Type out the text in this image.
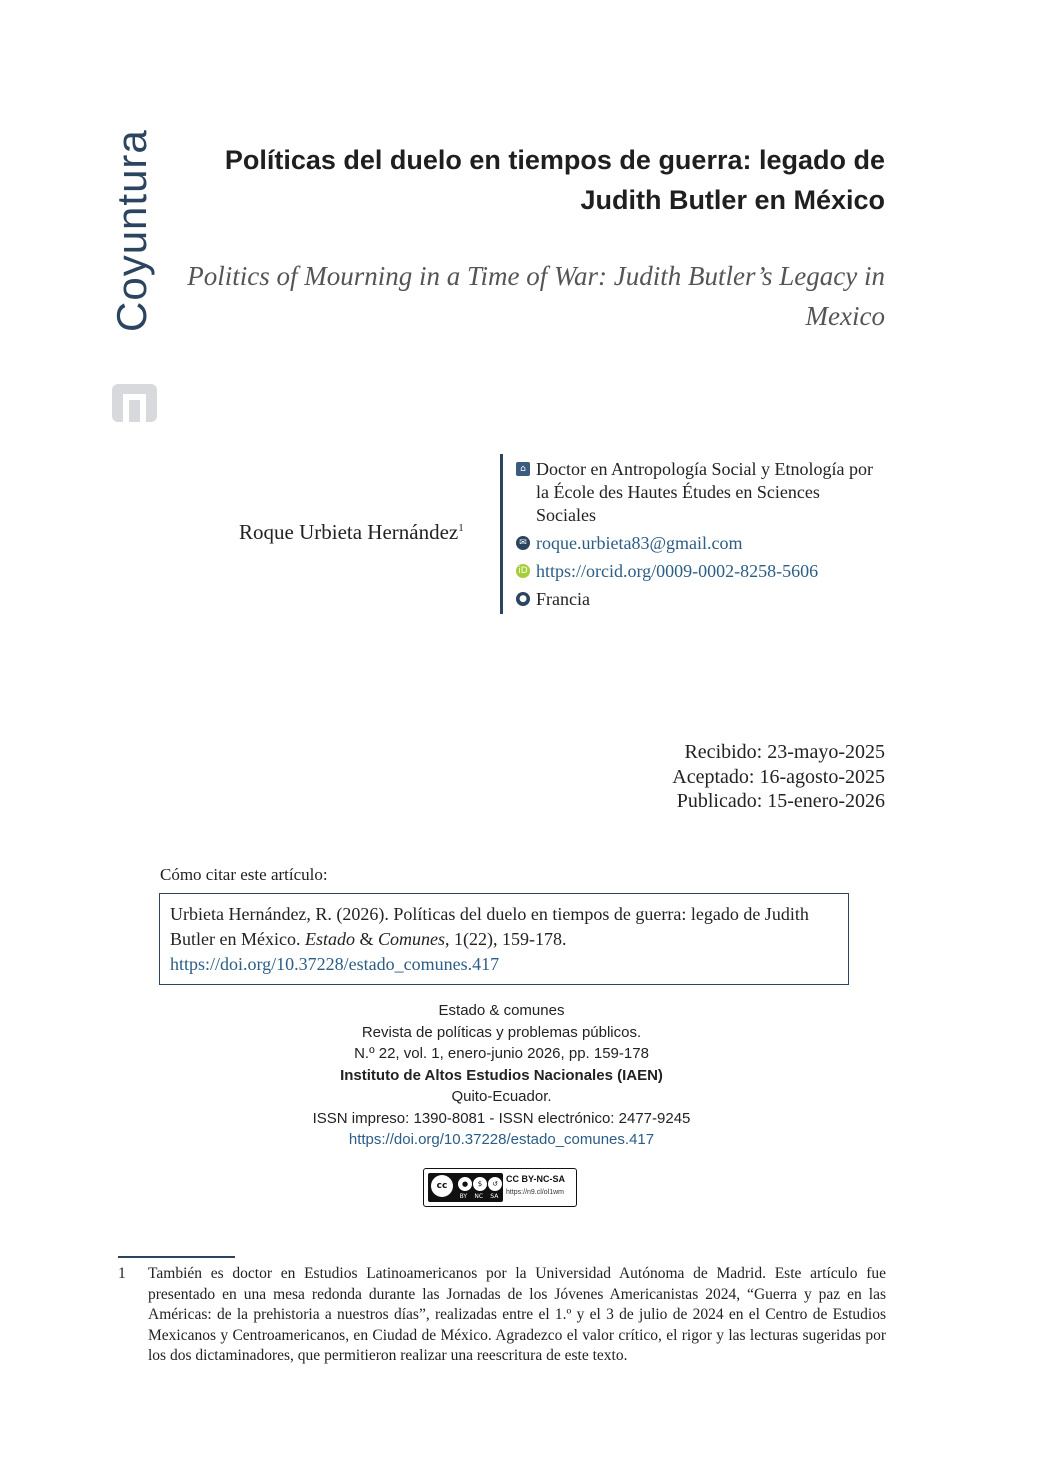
Coyuntura	Políticas del duelo en tiempos de guerra: legado de Judith Butler en México
Politics of Mourning in a Time of War: Judith Butler’s Legacy in Mexico
Roque Urbieta Hernández$^1$
⌂ Doctor en Antropología Social y Etnología por la École des Hautes Études en Sciences Sociales
✉ roque.urbieta83@gmail.com
iD https://orcid.org/0009-0002-8258-5606
● Francia
Recibido: 23-mayo-2025
Aceptado: 16-agosto-2025
Publicado: 15-enero-2026
Cómo citar este artículo:
Urbieta Hernández, R. (2026). Políticas del duelo en tiempos de guerra: legado de Judith Butler en México. Estado & Comunes, 1(22), 159-178. https://doi.org/10.37228/estado_comunes.417
Estado & comunes
Revista de políticas y problemas públicos.
N.º 22, vol. 1, enero-junio 2026, pp. 159-178
Instituto de Altos Estudios Nacionales (IAEN)
Quito-Ecuador.
ISSN impreso: 1390-8081 - ISSN electrónico: 2477-9245
https://doi.org/10.37228/estado_comunes.417
cc	●	$	↺
BY NC SA
CC BY-NC-SA
https://n9.cl/ol1wm
1 También es doctor en Estudios Latinoamericanos por la Universidad Autónoma de Madrid. Este artículo fue presentado en una mesa redonda durante las Jornadas de los Jóvenes Americanistas 2024, “Guerra y paz en las Américas: de la prehistoria a nuestros días”, realizadas entre el 1.º y el 3 de julio de 2024 en el Centro de Estudios Mexicanos y Centroamericanos, en Ciudad de México. Agradezco el valor crítico, el rigor y las lecturas sugeridas por los dos dictaminadores, que permitieron realizar una reescritura de este texto.
